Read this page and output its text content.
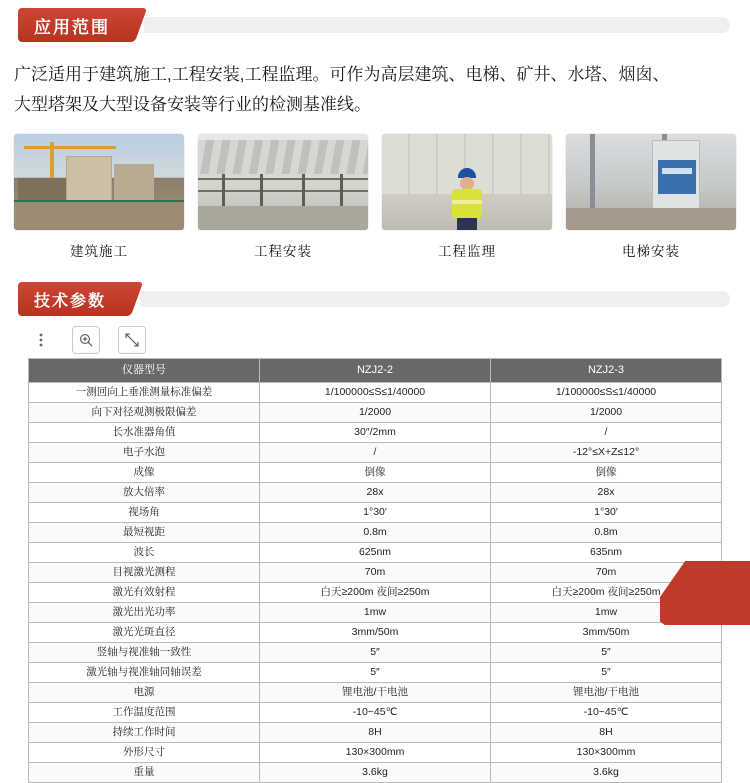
应用范围
广泛适用于建筑施工,工程安装,工程监理。可作为高层建筑、电梯、矿井、水塔、烟囱、
大型塔架及大型设备安装等行业的检测基准线。
建筑施工	工程安装	工程监理	电梯安装
技术参数
仪器型号	NZJ2-2	NZJ2-3
一测回向上垂准测量标准偏差	1/100000≤S≤1/40000	1/100000≤S≤1/40000
向下对径观测极限偏差	1/2000	1/2000
长水准器角值	30″/2mm	/
电子水泡	/	-12°≤X+Z≤12°
成像	倒像	倒像
放大倍率	28x	28x
视场角	1°30′	1°30′
最短视距	0.8m	0.8m
波长	625nm	635nm
目视激光测程	70m	70m
激光有效射程	白天≥200m 夜间≥250m	白天≥200m 夜间≥250m
激光出光功率	1mw	1mw
激光光斑直径	3mm/50m	3mm/50m
竖轴与视准轴一致性	5″	5″
激光轴与视准轴同轴误差	5″	5″
电源	锂电池/干电池	锂电池/干电池
工作温度范围	-10~45℃	-10~45℃
持续工作时间	8H	8H
外形尺寸	130×300mm	130×300mm
重量	3.6kg	3.6kg
